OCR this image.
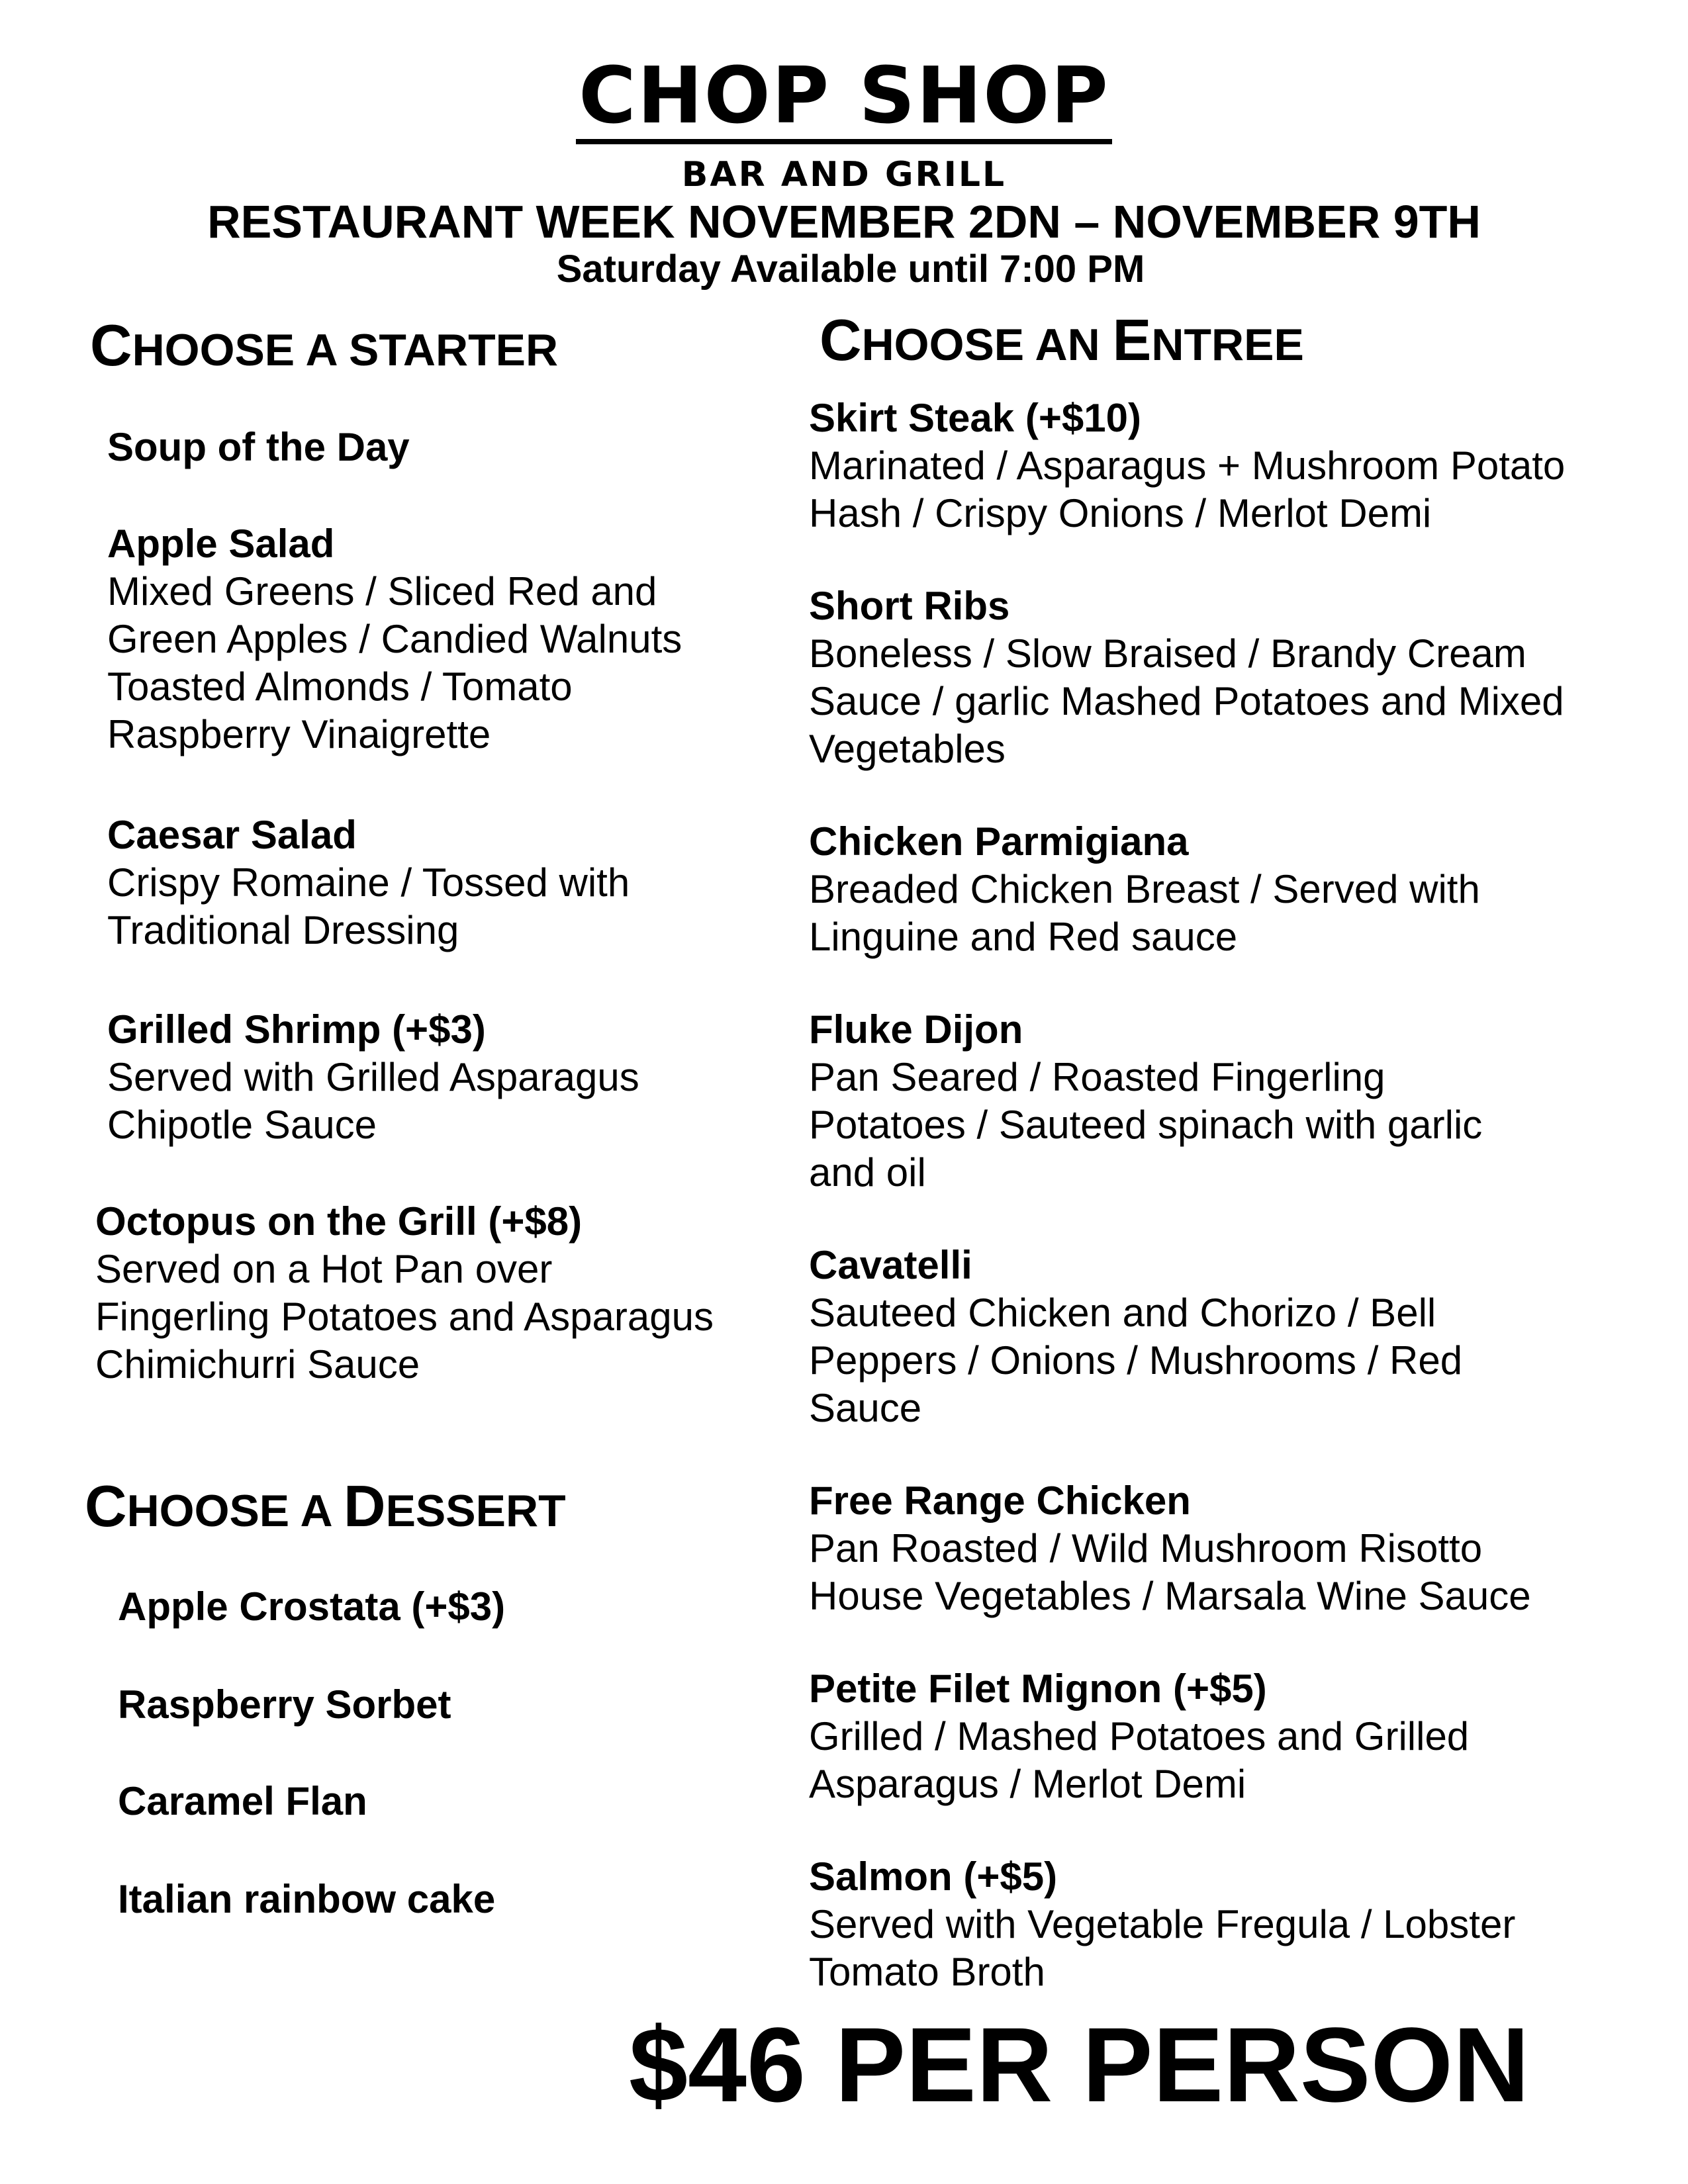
CHOP SHOP
BAR AND GRILL
RESTAURANT WEEK NOVEMBER 2DN – NOVEMBER 9TH
Saturday Available until 7:00 PM
CHOOSE A STARTER	CHOOSE AN ENTREE
Soup of the Day
Apple Salad
Mixed Greens / Sliced Red and
Green Apples / Candied Walnuts
Toasted Almonds / Tomato
Raspberry Vinaigrette
Caesar Salad
Crispy Romaine / Tossed with
Traditional Dressing
Grilled Shrimp (+$3)
Served with Grilled Asparagus
Chipotle Sauce
Octopus on the Grill (+$8)
Served on a Hot Pan over
Fingerling Potatoes and Asparagus
Chimichurri Sauce
CHOOSE A DESSERT
Apple Crostata (+$3)
Raspberry Sorbet
Caramel Flan
Italian rainbow cake
Skirt Steak (+$10)
Marinated / Asparagus + Mushroom Potato
Hash / Crispy Onions / Merlot Demi
Short Ribs
Boneless / Slow Braised / Brandy Cream
Sauce / garlic Mashed Potatoes and Mixed
Vegetables
Chicken Parmigiana
Breaded Chicken Breast / Served with
Linguine and Red sauce
Fluke Dijon
Pan Seared / Roasted Fingerling
Potatoes / Sauteed spinach with garlic
and oil
Cavatelli
Sauteed Chicken and Chorizo / Bell
Peppers / Onions / Mushrooms / Red
Sauce
Free Range Chicken
Pan Roasted / Wild Mushroom Risotto
House Vegetables / Marsala Wine Sauce
Petite Filet Mignon (+$5)
Grilled / Mashed Potatoes and Grilled
Asparagus / Merlot Demi
Salmon (+$5)
Served with Vegetable Fregula / Lobster
Tomato Broth
$46 PER PERSON
